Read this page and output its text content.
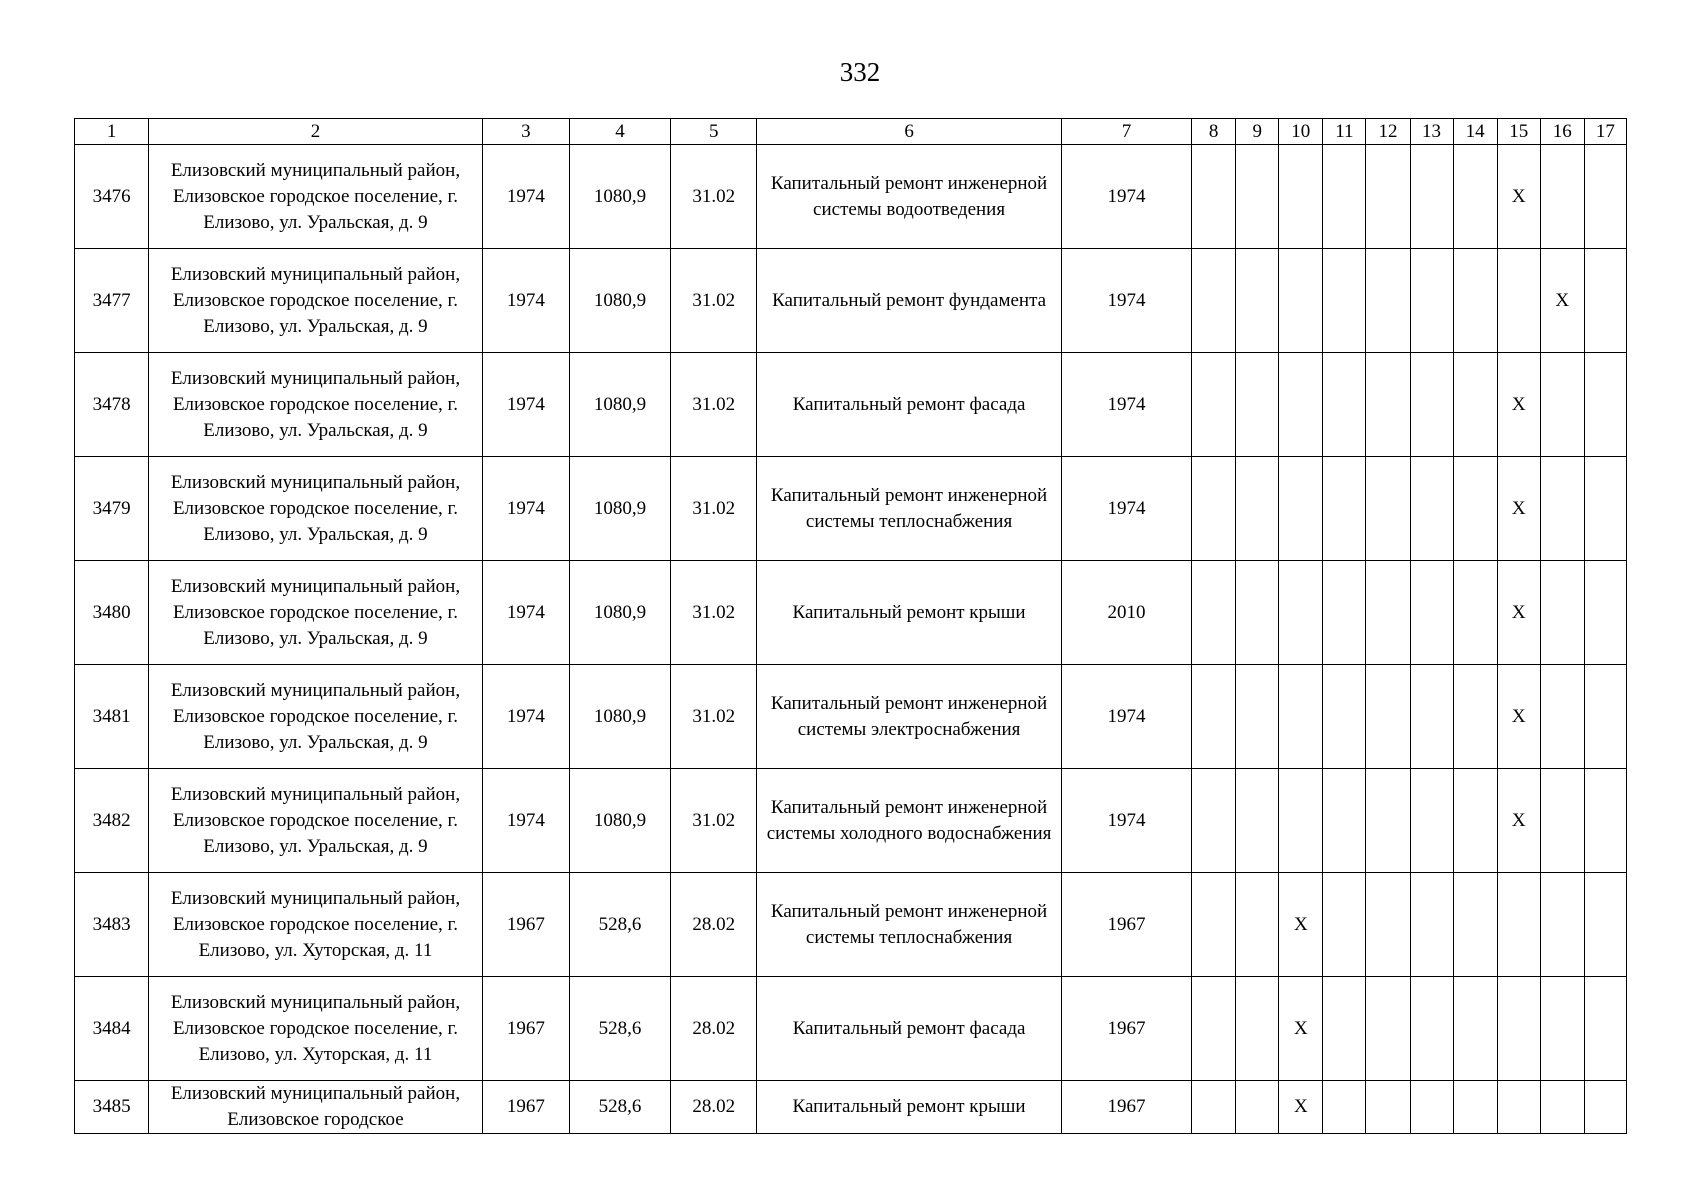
332
1	2	3	4	5	6	7	8	9	10	11	12	13	14	15	16	17
3476	Елизовский муниципальный район, Елизовское городское поселение, г. Елизово, ул. Уральская, д. 9	1974	1080,9	31.02	Капитальный ремонт инженерной системы водоотведения	1974								X		
3477	Елизовский муниципальный район, Елизовское городское поселение, г. Елизово, ул. Уральская, д. 9	1974	1080,9	31.02	Капитальный ремонт фундамента	1974									X	
3478	Елизовский муниципальный район, Елизовское городское поселение, г. Елизово, ул. Уральская, д. 9	1974	1080,9	31.02	Капитальный ремонт фасада	1974								X		
3479	Елизовский муниципальный район, Елизовское городское поселение, г. Елизово, ул. Уральская, д. 9	1974	1080,9	31.02	Капитальный ремонт инженерной системы теплоснабжения	1974								X		
3480	Елизовский муниципальный район, Елизовское городское поселение, г. Елизово, ул. Уральская, д. 9	1974	1080,9	31.02	Капитальный ремонт крыши	2010								X		
3481	Елизовский муниципальный район, Елизовское городское поселение, г. Елизово, ул. Уральская, д. 9	1974	1080,9	31.02	Капитальный ремонт инженерной системы электроснабжения	1974								X		
3482	Елизовский муниципальный район, Елизовское городское поселение, г. Елизово, ул. Уральская, д. 9	1974	1080,9	31.02	Капитальный ремонт инженерной системы холодного водоснабжения	1974								X		
3483	Елизовский муниципальный район, Елизовское городское поселение, г. Елизово, ул. Хуторская, д. 11	1967	528,6	28.02	Капитальный ремонт инженерной системы теплоснабжения	1967			X							
3484	Елизовский муниципальный район, Елизовское городское поселение, г. Елизово, ул. Хуторская, д. 11	1967	528,6	28.02	Капитальный ремонт фасада	1967			X							
3485	Елизовский муниципальный район, Елизовское городское	1967	528,6	28.02	Капитальный ремонт крыши	1967			X							
